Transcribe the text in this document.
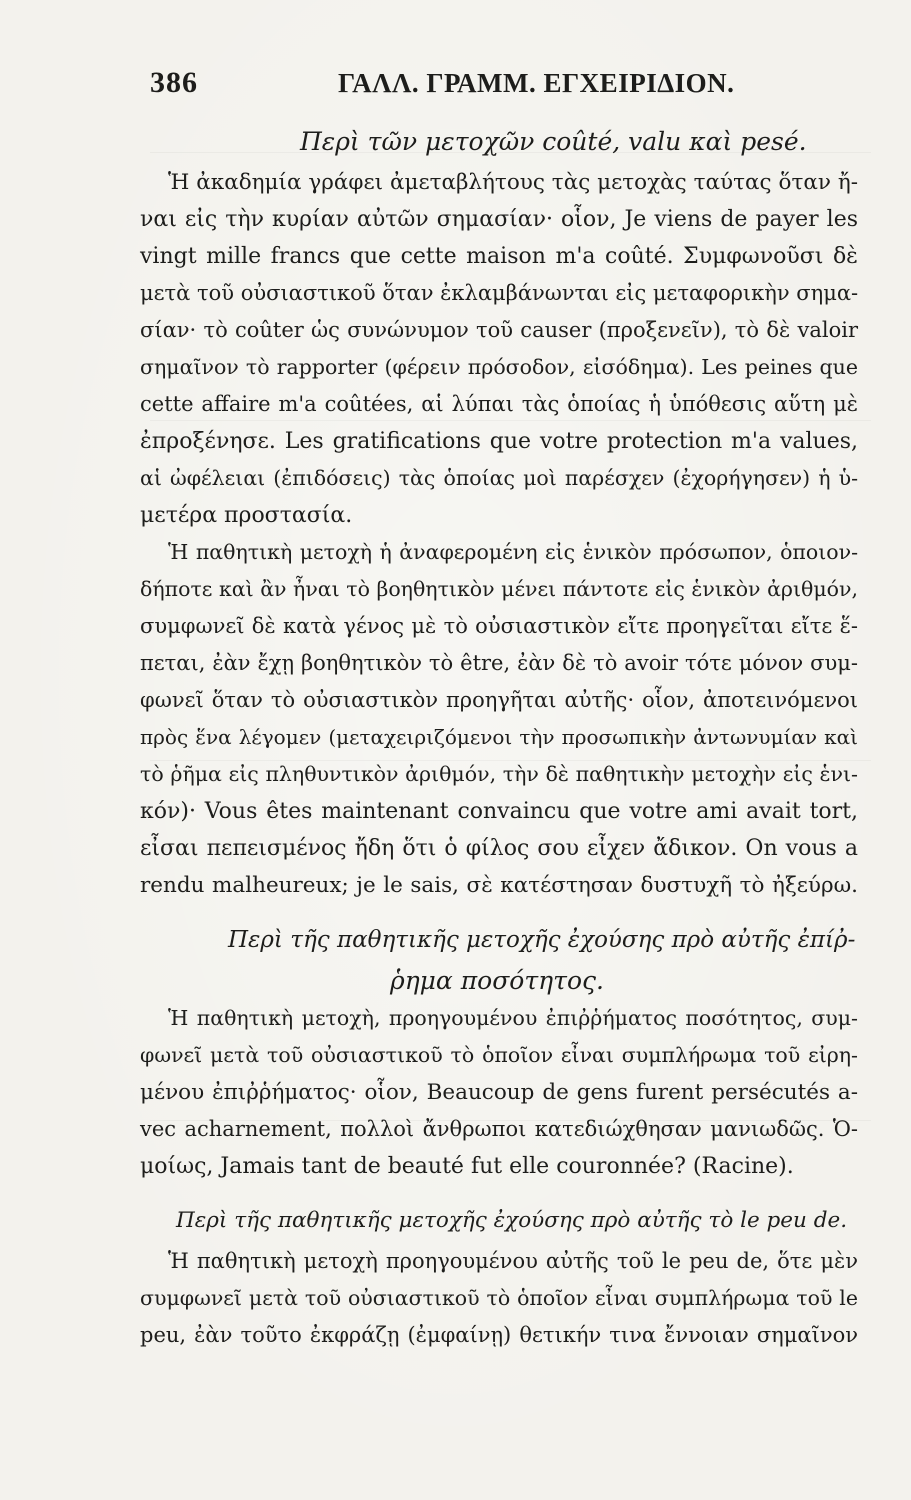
386	ΓΑΛΛ. ΓΡΑΜΜ. ΕΓΧΕΙΡΙΔΙΟΝ.
Περὶ τῶν μετοχῶν coûté, valu καὶ pesé.
Ἡ ἀκαδημία γράφει ἀμεταβλήτους τὰς μετοχὰς ταύτας ὅταν ἤ-
ναι εἰς τὴν κυρίαν αὐτῶν σημασίαν· οἷον, Je viens de payer les
vingt mille francs que cette maison m'a coûté. Συμφωνοῦσι δὲ
μετὰ τοῦ οὐσιαστικοῦ ὅταν ἐκλαμβάνωνται εἰς μεταφορικὴν σημα-
σίαν· τὸ coûter ὡς συνώνυμον τοῦ causer (προξενεῖν), τὸ δὲ valoir
σημαῖνον τὸ rapporter (φέρειν πρόσοδον, εἰσόδημα). Les peines que
cette affaire m'a coûtées, αἱ λύπαι τὰς ὁποίας ἡ ὑπόθεσις αὕτη μὲ
ἐπροξένησε. Les gratifications que votre protection m'a values,
αἱ ὠφέλειαι (ἐπιδόσεις) τὰς ὁποίας μοὶ παρέσχεν (ἐχορήγησεν) ἡ ὑ-
μετέρα προστασία.
Ἡ παθητικὴ μετοχὴ ἡ ἀναφερομένη εἰς ἑνικὸν πρόσωπον, ὁποιον-
δήποτε καὶ ἂν ἦναι τὸ βοηθητικὸν μένει πάντοτε εἰς ἑνικὸν ἀριθμόν,
συμφωνεῖ δὲ κατὰ γένος μὲ τὸ οὐσιαστικὸν εἴτε προηγεῖται εἴτε ἕ-
πεται, ἐὰν ἔχῃ βοηθητικὸν τὸ être, ἐὰν δὲ τὸ avoir τότε μόνον συμ-
φωνεῖ ὅταν τὸ οὐσιαστικὸν προηγῆται αὐτῆς· οἷον, ἀποτεινόμενοι
πρὸς ἕνα λέγομεν (μεταχειριζόμενοι τὴν προσωπικὴν ἀντωνυμίαν καὶ
τὸ ῥῆμα εἰς πληθυντικὸν ἀριθμόν, τὴν δὲ παθητικὴν μετοχὴν εἰς ἑνι-
κόν)· Vous êtes maintenant convaincu que votre ami avait tort,
εἶσαι πεπεισμένος ἤδη ὅτι ὁ φίλος σου εἶχεν ἄδικον. On vous a
rendu malheureux; je le sais, σὲ κατέστησαν δυστυχῆ τὸ ἠξεύρω.
Περὶ τῆς παθητικῆς μετοχῆς ἐχούσης πρὸ αὐτῆς ἐπίῤ-
ῥημα ποσότητος.
Ἡ παθητικὴ μετοχὴ, προηγουμένου ἐπιῤῥήματος ποσότητος, συμ-
φωνεῖ μετὰ τοῦ οὐσιαστικοῦ τὸ ὁποῖον εἶναι συμπλήρωμα τοῦ εἰρη-
μένου ἐπιῤῥήματος· οἷον, Beaucoup de gens furent persécutés a-
vec acharnement, πολλοὶ ἄνθρωποι κατεδιώχθησαν μανιωδῶς. Ὁ-
μοίως, Jamais tant de beauté fut elle couronnée? (Racine).
Περὶ τῆς παθητικῆς μετοχῆς ἐχούσης πρὸ αὐτῆς τὸ le peu de.
Ἡ παθητικὴ μετοχὴ προηγουμένου αὐτῆς τοῦ le peu de, ὅτε μὲν
συμφωνεῖ μετὰ τοῦ οὐσιαστικοῦ τὸ ὁποῖον εἶναι συμπλήρωμα τοῦ le
peu, ἐὰν τοῦτο ἐκφράζῃ (ἐμφαίνῃ) θετικήν τινα ἔννοιαν σημαῖνον
